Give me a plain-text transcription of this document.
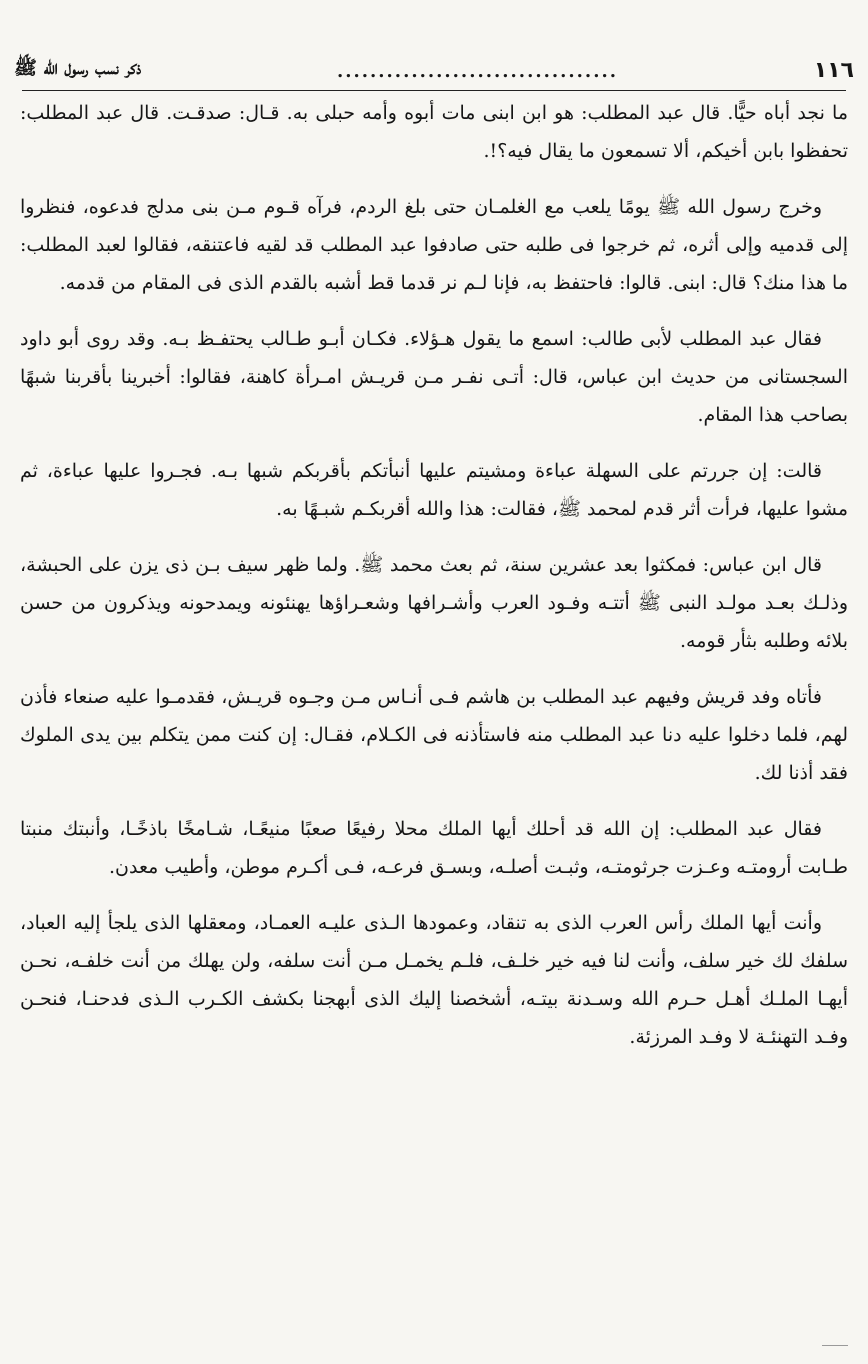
١١٦
..................................
ذكر نسب رسول الله ﷺ

ما نجد أباه حيًّا. قال عبد المطلب: هو ابن ابنى مات أبوه وأمه حبلى به. قـال: صدقـت. قال عبد المطلب: تحفظوا بابن أخيكم، ألا تسمعون ما يقال فيه؟!.

وخرج رسول الله ﷺ يومًا يلعب مع الغلمـان حتى بلغ الردم، فرآه قـوم مـن بنى مدلج فدعوه، فنظروا إلى قدميه وإلى أثره، ثم خرجوا فى طلبه حتى صادفوا عبد المطلب قد لقيه فاعتنقه، فقالوا لعبد المطلب: ما هذا منك؟ قال: ابنى. قالوا: فاحتفظ به، فإنا لـم نر قدما قط أشبه بالقدم الذى فى المقام من قدمه.

فقال عبد المطلب لأبى طالب: اسمع ما يقول هـؤلاء. فكـان أبـو طـالب يحتفـظ بـه. وقد روى أبو داود السجستانى من حديث ابن عباس، قال: أتـى نفـر مـن قريـش امـرأة كاهنة، فقالوا: أخبرينا بأقربنا شبهًا بصاحب هذا المقام.

قالت: إن جررتم على السهلة عباءة ومشيتم عليها أنبأتكم بأقربكم شبها بـه. فجـروا عليها عباءة، ثم مشوا عليها، فرأت أثر قدم لمحمد ﷺ، فقالت: هذا والله أقربكـم شبـهًا به.

قال ابن عباس: فمكثوا بعد عشرين سنة، ثم بعث محمد ﷺ. ولما ظهر سيف بـن ذى يزن على الحبشة، وذلـك بعـد مولـد النبى ﷺ أتتـه وفـود العرب وأشـرافها وشعـراؤها يهنئونه ويمدحونه ويذكرون من حسن بلائه وطلبه بثأر قومه.

فأتاه وفد قريش وفيهم عبد المطلب بن هاشم فـى أنـاس مـن وجـوه قريـش، فقدمـوا عليه صنعاء فأذن لهم، فلما دخلوا عليه دنا عبد المطلب منه فاستأذنه فى الكـلام، فقـال: إن كنت ممن يتكلم بين يدى الملوك فقد أذنا لك.

فقال عبد المطلب: إن الله قد أحلك أيها الملك محلا رفيعًا صعبًا منيعًـا، شـامخًا باذخًـا، وأنبتك منبتا طـابت أرومتـه وعـزت جرثومتـه، وثبـت أصلـه، وبسـق فرعـه، فـى أكـرم موطن، وأطيب معدن.

وأنت أيها الملك رأس العرب الذى به تنقاد، وعمودها الـذى عليـه العمـاد، ومعقلها الذى يلجأ إليه العباد، سلفك لك خير سلف، وأنت لنا فيه خير خلـف، فلـم يخمـل مـن أنت سلفه، ولن يهلك من أنت خلفـه، نحـن أيهـا الملـك أهـل حـرم الله وسـدنة بيتـه، أشخصنا إليك الذى أبهجنا بكشف الكـرب الـذى فدحنـا، فنحـن وفـد التهنئـة لا وفـد المرزئة.
